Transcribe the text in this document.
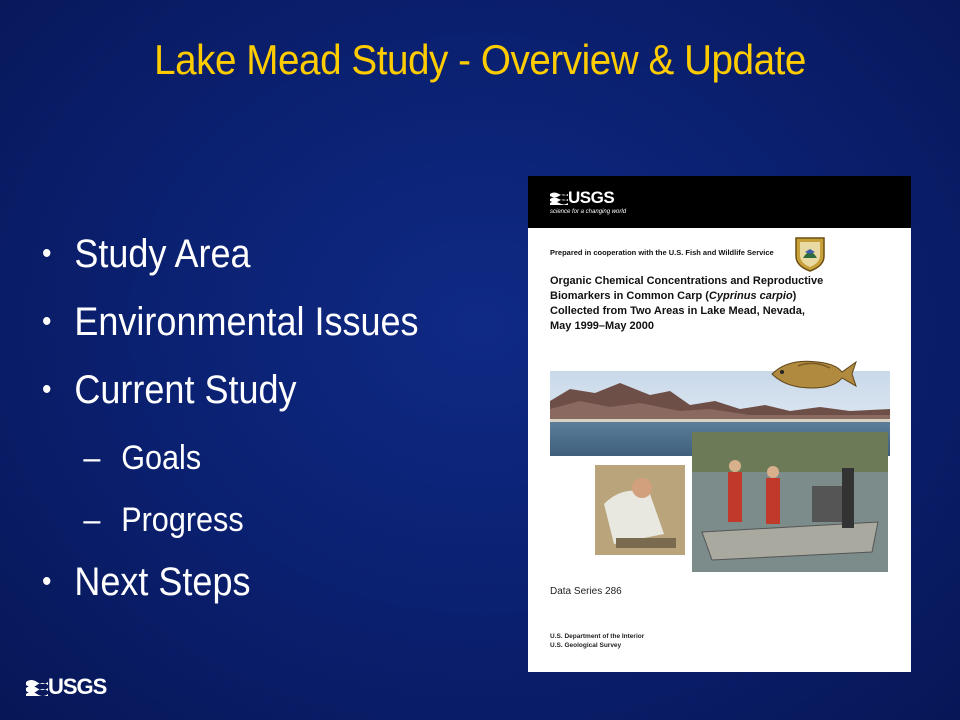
Lake Mead Study - Overview & Update
• Study Area
• Environmental Issues
• Current Study
– Goals
– Progress
• Next Steps
USGS
science for a changing world
Prepared in cooperation with the U.S. Fish and Wildlife Service
Organic Chemical Concentrations and Reproductive
Biomarkers in Common Carp (Cyprinus carpio)
Collected from Two Areas in Lake Mead, Nevada,
May 1999–May 2000
Data Series 286
U.S. Department of the Interior
U.S. Geological Survey
USGS
